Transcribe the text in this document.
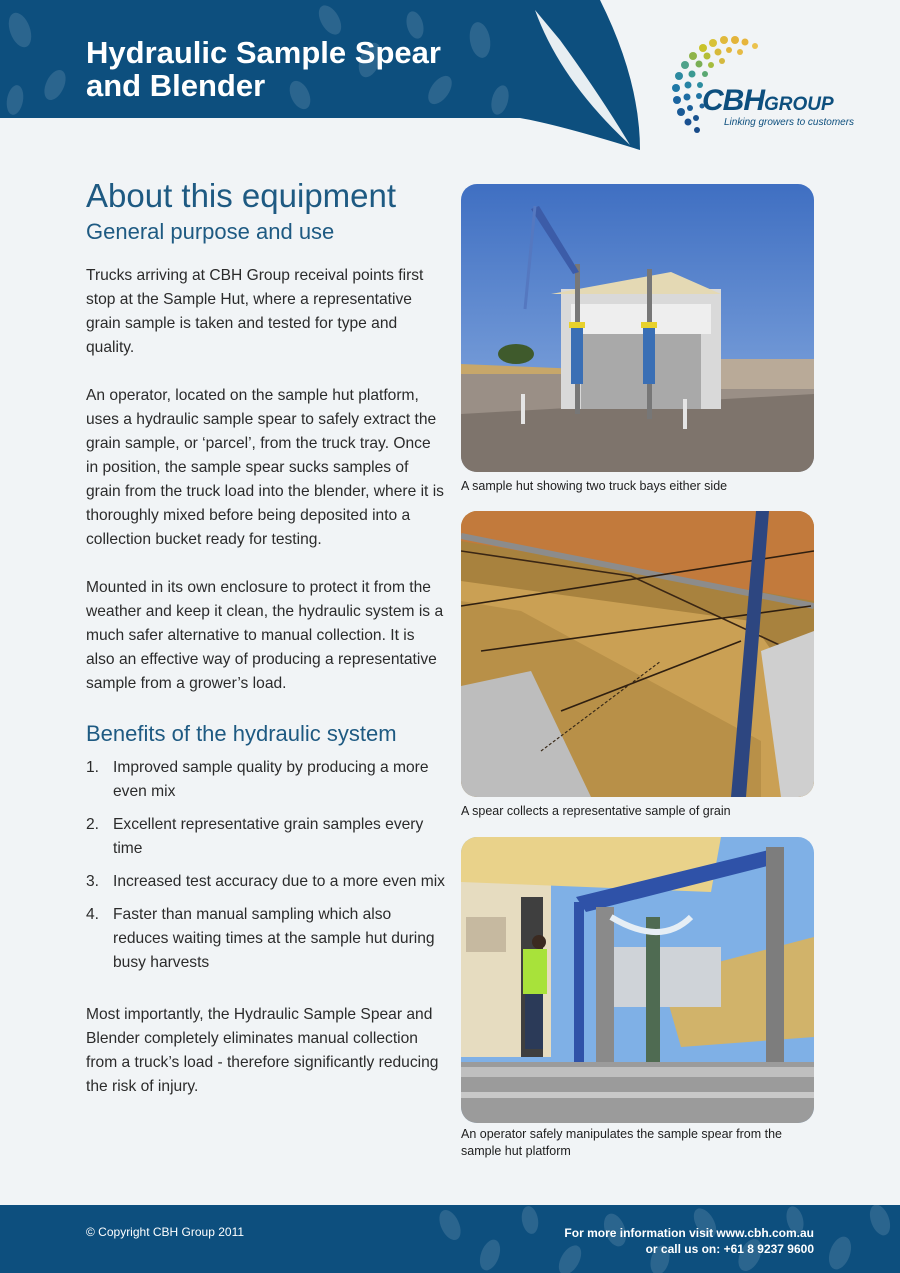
Hydraulic Sample Spear
and Blender	CBHGROUP
Linking growers to customers
About this equipment
General purpose and use

Trucks arriving at CBH Group receival points first stop at the Sample Hut, where a representative grain sample is taken and tested for type and quality.

An operator, located on the sample hut platform, uses a hydraulic sample spear to safely extract the grain sample, or ‘parcel’, from the truck tray. Once in position, the sample spear sucks samples of grain from the truck load into the blender, where it is thoroughly mixed before being deposited into a collection bucket ready for testing.

Mounted in its own enclosure to protect it from the weather and keep it clean, the hydraulic system is a much safer alternative to manual collection. It is also an effective way of producing a representative sample from a grower’s load.

Benefits of the hydraulic system
1. Improved sample quality by producing a more even mix
2. Excellent representative grain samples every time
3. Increased test accuracy due to a more even mix
4. Faster than manual sampling which also reduces waiting times at the sample hut during busy harvests

Most importantly, the Hydraulic Sample Spear and Blender completely eliminates manual collection from a truck’s load - therefore significantly reducing the risk of injury.

A sample hut showing two truck bays either side
A spear collects a representative sample of grain
An operator safely manipulates the sample spear from the sample hut platform
© Copyright CBH Group 2011	For more information visit www.cbh.com.au
or call us on: +61 8 9237 9600
